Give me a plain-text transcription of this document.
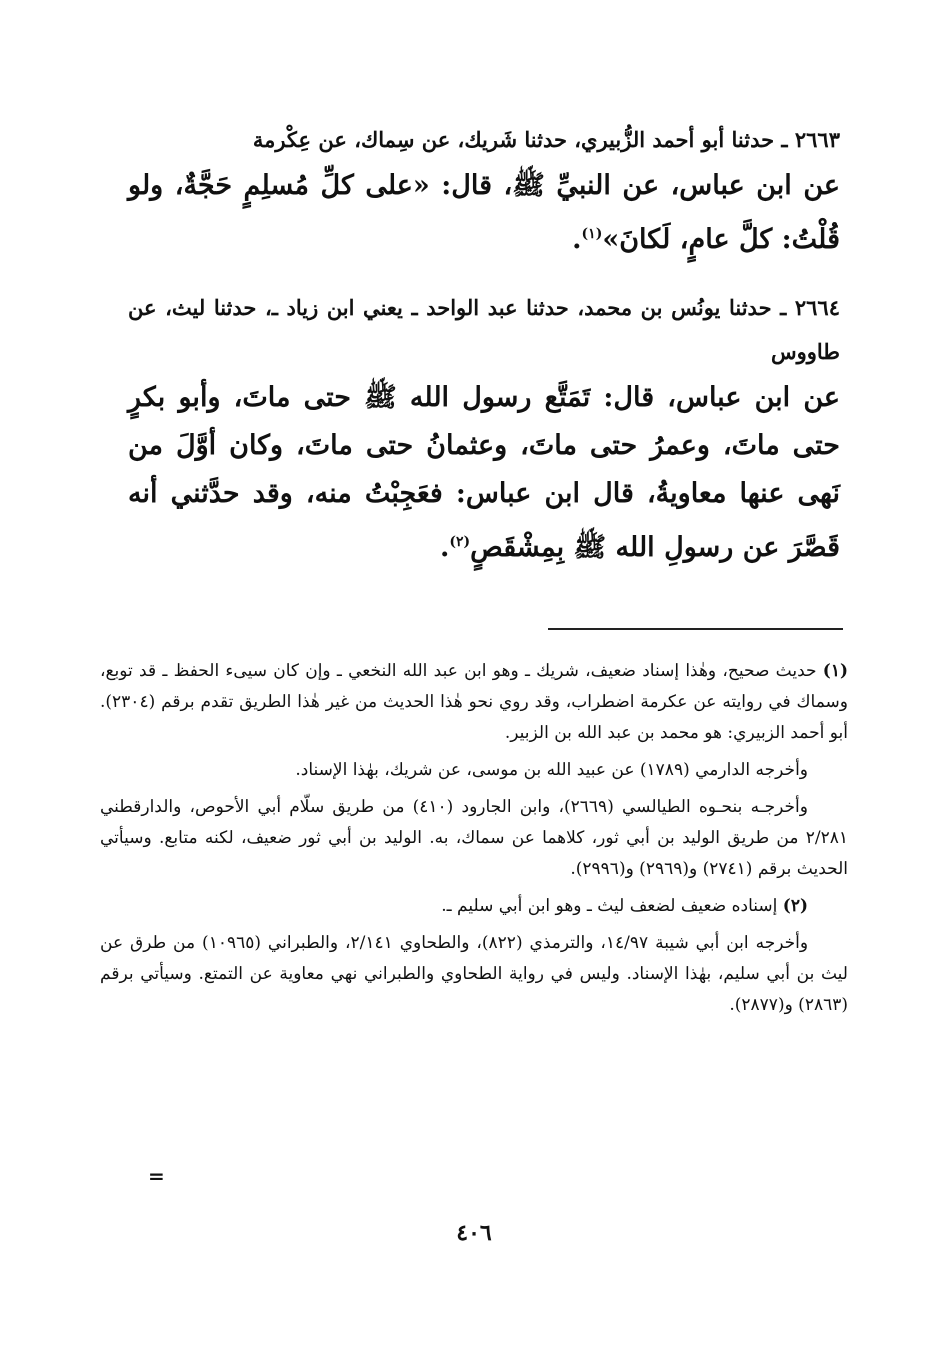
٢٦٦٣ ـ حدثنا أبو أحمد الزُّبيري، حدثنا شَريك، عن سِماك، عن عِكْرمة

عن ابن عباس، عن النبيِّ ﷺ، قال: «على كلِّ مُسلِمٍ حَجَّةٌ، ولو قُلْتُ: كلَّ عامٍ، لَكانَ»$^{(١)}$.

٢٦٦٤ ـ حدثنا يونُس بن محمد، حدثنا عبد الواحد ـ يعني ابن زياد ـ، حدثنا ليث، عن طاووس

عن ابن عباس، قال: تَمَتَّع رسول الله ﷺ حتى ماتَ، وأبو بكرٍ حتى ماتَ، وعمرُ حتى ماتَ، وعثمانُ حتى ماتَ، وكان أوَّلَ من نَهى عنها معاويةُ، قال ابن عباس: فعَجِبْتُ منه، وقد حدَّثني أنه قَصَّرَ عن رسولِ الله ﷺ بِمِشْقَصٍ$^{(٢)}$.

(١) حديث صحيح، وهٰذا إسناد ضعيف، شريك ـ وهو ابن عبد الله النخعي ـ وإن كان سيىء الحفظ ـ قد توبع، وسماك في روايته عن عكرمة اضطراب، وقد روي نحو هٰذا الحديث من غير هٰذا الطريق تقدم برقم (٢٣٠٤). أبو أحمد الزبيري: هو محمد بن عبد الله بن الزبير.

وأخرجه الدارمي (١٧٨٩) عن عبيد الله بن موسى، عن شريك، بهٰذا الإسناد.

وأخرجـه بنحـوه الطيالسي (٢٦٦٩)، وابن الجارود (٤١٠) من طريق سلّام أبي الأحوص، والدارقطني ٢/٢٨١ من طريق الوليد بن أبي ثور، كلاهما عن سماك، به. الوليد بن أبي ثور ضعيف، لكنه متابع. وسيأتي الحديث برقم (٢٧٤١) و(٢٩٦٩) و(٢٩٩٦).

(٢) إسناده ضعيف لضعف ليث ـ وهو ابن أبي سليم ـ.

وأخرجه ابن أبي شيبة ١٤/٩٧، والترمذي (٨٢٢)، والطحاوي ٢/١٤١، والطبراني (١٠٩٦٥) من طرق عن ليث بن أبي سليم، بهٰذا الإسناد. وليس في رواية الطحاوي والطبراني نهي معاوية عن التمتع. وسيأتي برقم (٢٨٦٣) و(٢٨٧٧).

=
٤٠٦
